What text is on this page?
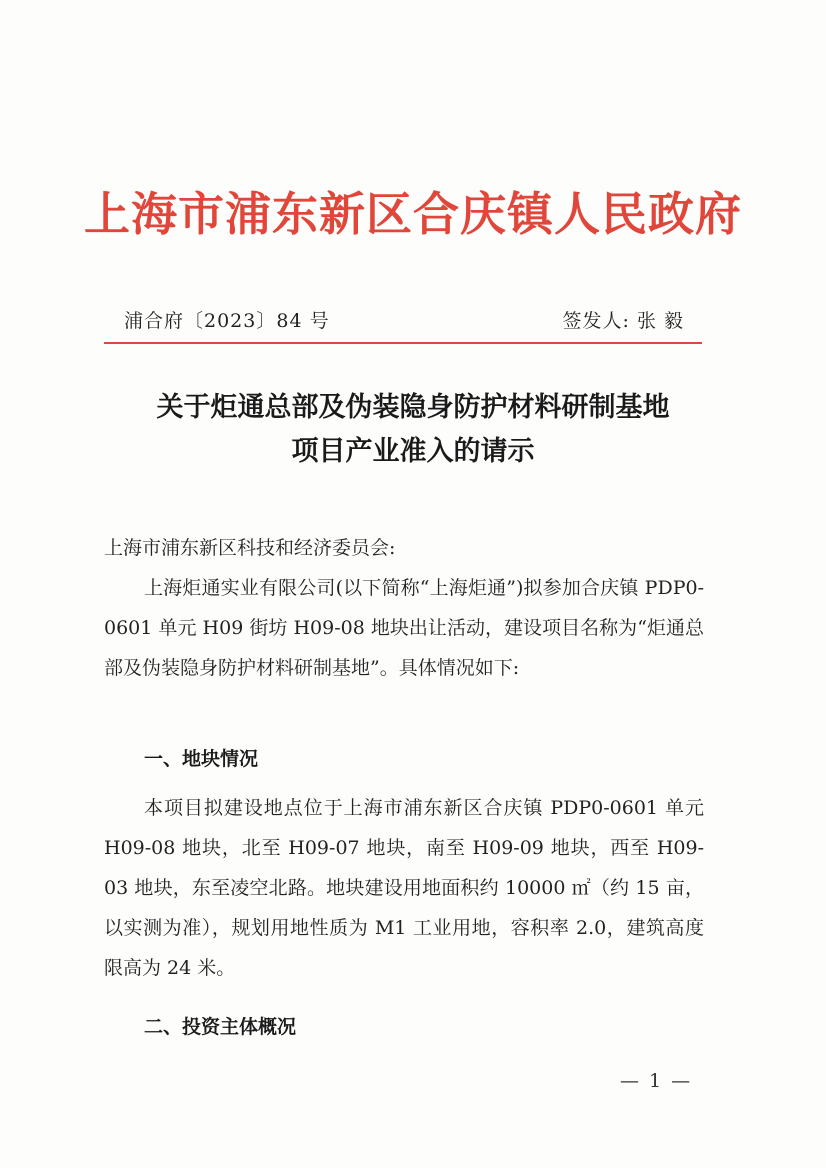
上海市浦东新区合庆镇人民政府
浦合府〔2023〕84 号	签发人: 张 毅
关于炬通总部及伪装隐身防护材料研制基地
项目产业准入的请示
上海市浦东新区科技和经济委员会:
上海炬通实业有限公司(以下简称“上海炬通”)拟参加合庆镇 PDP0-0601 单元 H09 街坊 H09-08 地块出让活动，建设项目名称为“炬通总部及伪装隐身防护材料研制基地”。具体情况如下:
一、地块情况
本项目拟建设地点位于上海市浦东新区合庆镇 PDP0-0601 单元 H09-08 地块，北至 H09-07 地块，南至 H09-09 地块，西至 H09-03 地块，东至凌空北路。地块建设用地面积约 10000 ㎡（约 15 亩，以实测为准），规划用地性质为 M1 工业用地，容积率 2.0，建筑高度限高为 24 米。
二、投资主体概况
— 1 —
